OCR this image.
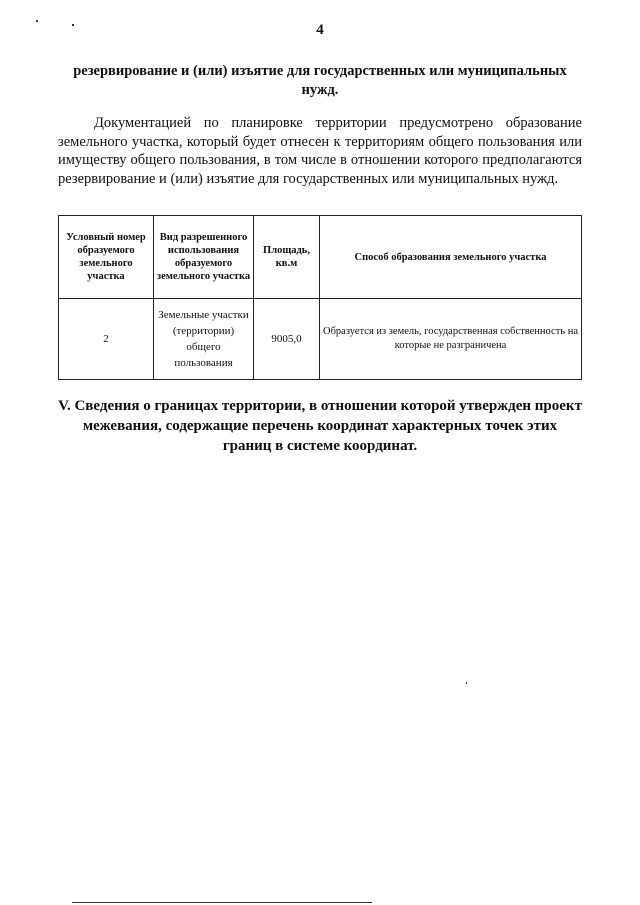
4
резервирование и (или) изъятие для государственных или муниципальных нужд.
Документацией по планировке территории предусмотрено образование земельного участка, который будет отнесен к территориям общего пользования или имуществу общего пользования, в том числе в отношении которого предполагаются резервирование и (или) изъятие для государственных или муниципальных нужд.
Условный номер образуемого земельного участка	Вид разрешенного использования образуемого земельного участка	Площадь, кв.м	Способ образования земельного участка
2	Земельные участки (территории) общего пользования	9005,0	Образуется из земель, государственная собственность на которые не разграничена
V. Сведения о границах территории, в отношении которой утвержден проект межевания, содержащие перечень координат характерных точек этих границ в системе координат.
